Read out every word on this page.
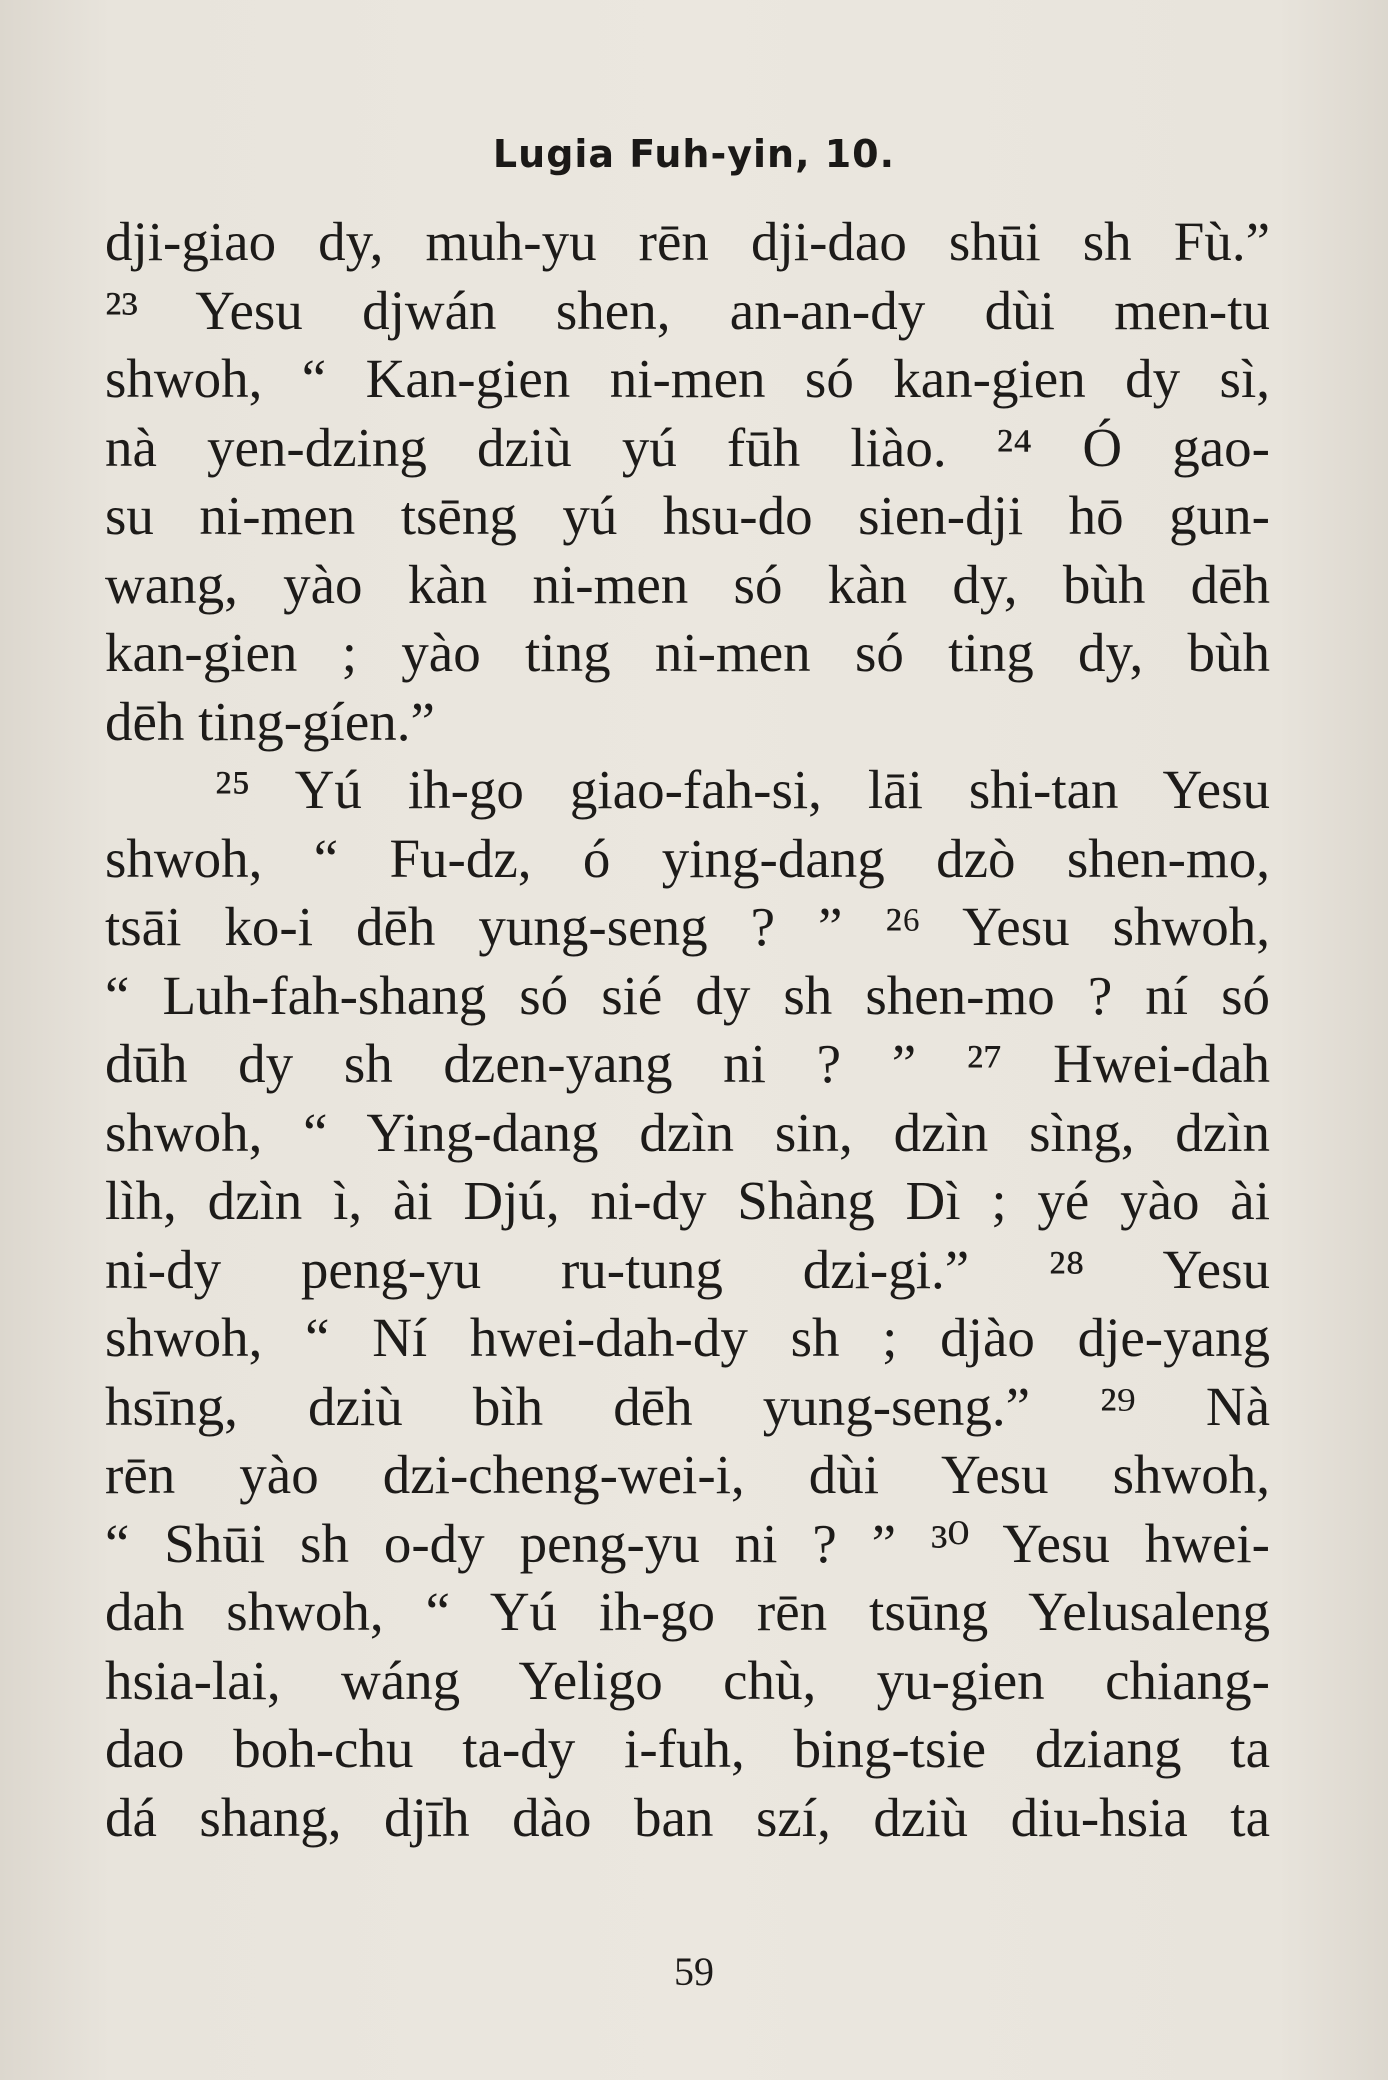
Lugia Fuh-yin, 10.
dji-giao dy, muh-yu rēn dji-dao shūi sh Fù.”
²³ Yesu djwán shen, an-an-dy dùi men-tu
shwoh, “ Kan-gien ni-men só kan-gien dy sì,
nà yen-dzing dziù yú fūh liào. ²⁴ Ó gao-
su ni-men tsēng yú hsu-do sien-dji hō gun-
wang, yào kàn ni-men só kàn dy, bùh dēh
kan-gien ; yào ting ni-men só ting dy, bùh
dēh ting-gíen.”
²⁵ Yú ih-go giao-fah-si, lāi shi-tan Yesu
shwoh, “ Fu-dz, ó ying-dang dzò shen-mo,
tsāi ko-i dēh yung-seng ? ” ²⁶ Yesu shwoh,
“ Luh-fah-shang só sié dy sh shen-mo ? ní só
dūh dy sh dzen-yang ni ? ” ²⁷ Hwei-dah
shwoh, “ Ying-dang dzìn sin, dzìn sìng, dzìn
lìh, dzìn ì, ài Djú, ni-dy Shàng Dì ; yé yào ài
ni-dy peng-yu ru-tung dzi-gi.” ²⁸ Yesu
shwoh, “ Ní hwei-dah-dy sh ; djào dje-yang
hsīng, dziù bìh dēh yung-seng.” ²⁹ Nà
rēn yào dzi-cheng-wei-i, dùi Yesu shwoh,
“ Shūi sh o-dy peng-yu ni ? ” ³⁰ Yesu hwei-
dah shwoh, “ Yú ih-go rēn tsūng Yelusaleng
hsia-lai, wáng Yeligo chù, yu-gien chiang-
dao boh-chu ta-dy i-fuh, bing-tsie dziang ta
dá shang, djīh dào ban szí, dziù diu-hsia ta
59
